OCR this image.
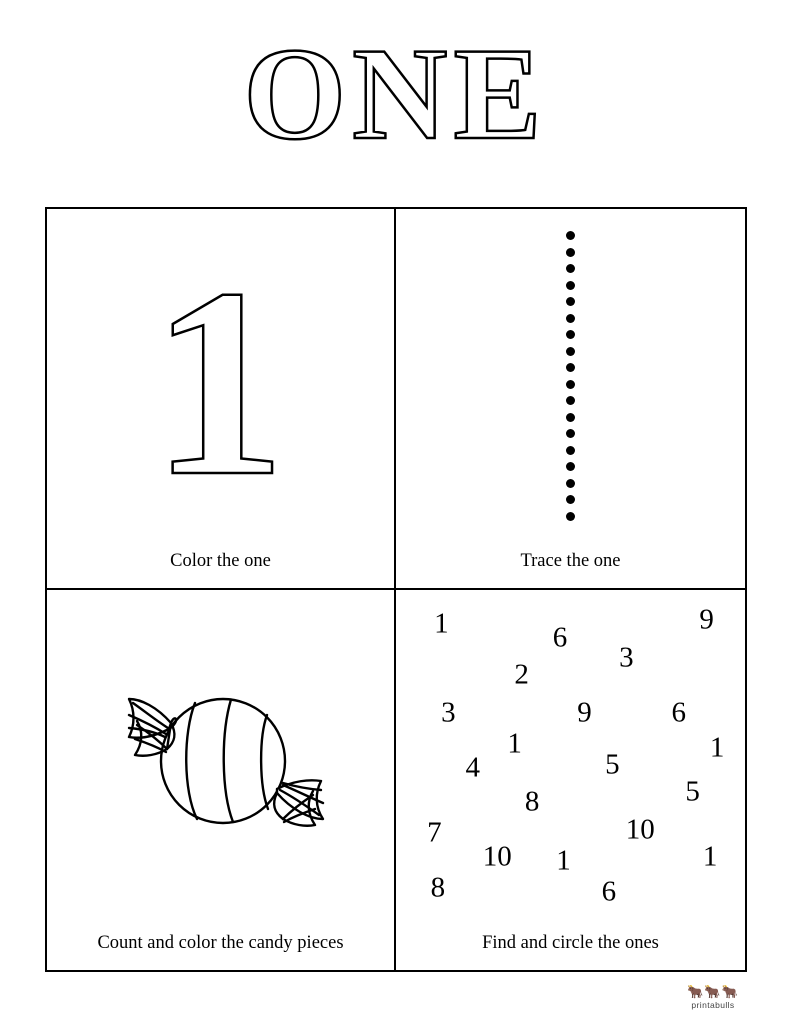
ONE
1
Color the one	Trace the one
Count and color the candy pieces
1	6
9
3
2
3	9	6
1	1
4	5
5
8
7	10
10 1	1
8	6
Find and circle the ones
🐂🐂🐂
printabulls
